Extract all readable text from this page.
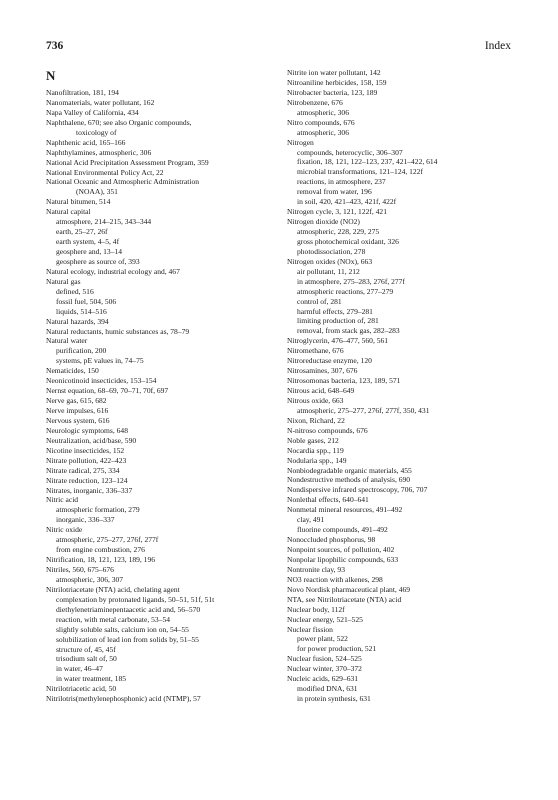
736	Index
N
Nanofiltration, 181, 194
Nanomaterials, water pollutant, 162
Napa Valley of California, 434
Naphthalene, 670; see also Organic compounds,
toxicology of
Naphthenic acid, 165–166
Naphthylamines, atmospheric, 306
National Acid Precipitation Assessment Program, 359
National Environmental Policy Act, 22
National Oceanic and Atmospheric Administration
(NOAA), 351
Natural bitumen, 514
Natural capital
atmosphere, 214–215, 343–344
earth, 25–27, 26f
earth system, 4–5, 4f
geosphere and, 13–14
geosphere as source of, 393
Natural ecology, industrial ecology and, 467
Natural gas
defined, 516
fossil fuel, 504, 506
liquids, 514–516
Natural hazards, 394
Natural reductants, humic substances as, 78–79
Natural water
purification, 200
systems, pE values in, 74–75
Nematicides, 150
Neonicotinoid insecticides, 153–154
Nernst equation, 68–69, 70–71, 70f, 697
Nerve gas, 615, 682
Nerve impulses, 616
Nervous system, 616
Neurologic symptoms, 648
Neutralization, acid/base, 590
Nicotine insecticides, 152
Nitrate pollution, 422–423
Nitrate radical, 275, 334
Nitrate reduction, 123–124
Nitrates, inorganic, 336–337
Nitric acid
atmospheric formation, 279
inorganic, 336–337
Nitric oxide
atmospheric, 275–277, 276f, 277f
from engine combustion, 276
Nitrification, 18, 121, 123, 189, 196
Nitriles, 560, 675–676
atmospheric, 306, 307
Nitrilotriacetate (NTA) acid, chelating agent
complexation by protonated ligands, 50–51, 51f, 51t
diethylenetriaminepentaacetic acid and, 56–570
reaction, with metal carbonate, 53–54
slightly soluble salts, calcium ion on, 54–55
solubilization of lead ion from solids by, 51–55
structure of, 45, 45f
trisodium salt of, 50
in water, 46–47
in water treatment, 185
Nitrilotriacetic acid, 50
Nitrilotris(methylenephosphonic) acid (NTMP), 57
Nitrite ion water pollutant, 142
Nitroaniline herbicides, 158, 159
Nitrobacter bacteria, 123, 189
Nitrobenzene, 676
atmospheric, 306
Nitro compounds, 676
atmospheric, 306
Nitrogen
compounds, heterocyclic, 306–307
fixation, 18, 121, 122–123, 237, 421–422, 614
microbial transformations, 121–124, 122f
reactions, in atmosphere, 237
removal from water, 196
in soil, 420, 421–423, 421f, 422f
Nitrogen cycle, 3, 121, 122f, 421
Nitrogen dioxide (NO2)
atmospheric, 228, 229, 275
gross photochemical oxidant, 326
photodissociation, 278
Nitrogen oxides (NOx), 663
air pollutant, 11, 212
in atmosphere, 275–283, 276f, 277f
atmospheric reactions, 277–279
control of, 281
harmful effects, 279–281
limiting production of, 281
removal, from stack gas, 282–283
Nitroglycerin, 476–477, 560, 561
Nitromethane, 676
Nitroreductase enzyme, 120
Nitrosamines, 307, 676
Nitrosomonas bacteria, 123, 189, 571
Nitrous acid, 648–649
Nitrous oxide, 663
atmospheric, 275–277, 276f, 277f, 350, 431
Nixon, Richard, 22
N-nitroso compounds, 676
Noble gases, 212
Nocardia spp., 119
Nodularia spp., 149
Nonbiodegradable organic materials, 455
Nondestructive methods of analysis, 690
Nondispersive infrared spectroscopy, 706, 707
Nonlethal effects, 640–641
Nonmetal mineral resources, 491–492
clay, 491
fluorine compounds, 491–492
Nonoccluded phosphorus, 98
Nonpoint sources, of pollution, 402
Nonpolar lipophilic compounds, 633
Nontronite clay, 93
NO3 reaction with alkenes, 298
Novo Nordisk pharmaceutical plant, 469
NTA, see Nitrilotriacetate (NTA) acid
Nuclear body, 112f
Nuclear energy, 521–525
Nuclear fission
power plant, 522
for power production, 521
Nuclear fusion, 524–525
Nuclear winter, 370–372
Nucleic acids, 629–631
modified DNA, 631
in protein synthesis, 631
